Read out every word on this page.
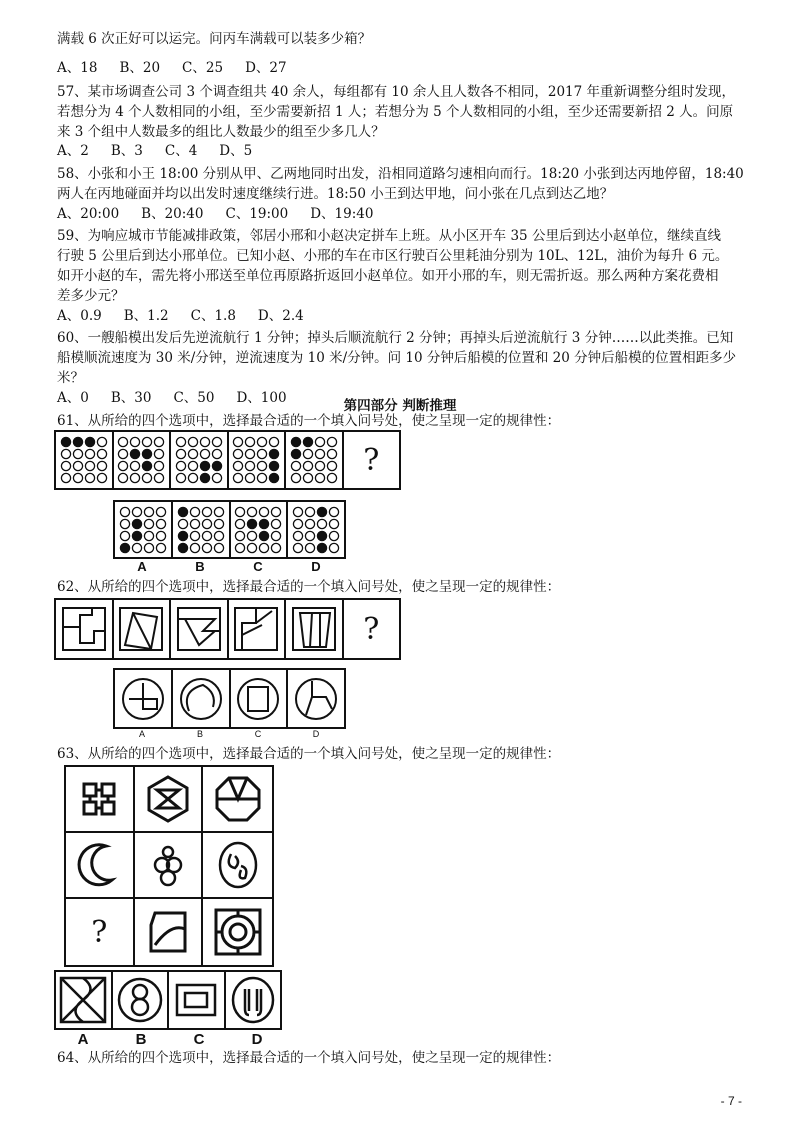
满载 6 次正好可以运完。问丙车满载可以装多少箱？
A、18 B、20 C、25 D、27
57、某市场调查公司 3 个调查组共 40 余人，每组都有 10 余人且人数各不相同，2017 年重新调整分组时发现，
若想分为 4 个人数相同的小组，至少需要新招 1 人；若想分为 5 个人数相同的小组，至少还需要新招 2 人。问原
来 3 个组中人数最多的组比人数最少的组至少多几人？
A、2 B、3 C、4 D、5
58、小张和小王 18:00 分别从甲、乙两地同时出发，沿相同道路匀速相向而行。18:20 小张到达丙地停留，18:40
两人在丙地碰面并均以出发时速度继续行进。18:50 小王到达甲地，问小张在几点到达乙地？
A、20:00 B、20:40 C、19:00 D、19:40
59、为响应城市节能减排政策，邻居小邢和小赵决定拼车上班。从小区开车 35 公里后到达小赵单位，继续直线
行驶 5 公里后到达小邢单位。已知小赵、小邢的车在市区行驶百公里耗油分别为 10L、12L，油价为每升 6 元。
如开小赵的车，需先将小邢送至单位再原路折返回小赵单位。如开小邢的车，则无需折返。那么两种方案花费相
差多少元？
A、0.9 B、1.2 C、1.8 D、2.4
60、一艘船模出发后先逆流航行 1 分钟；掉头后顺流航行 2 分钟；再掉头后逆流航行 3 分钟……以此类推。已知
船模顺流速度为 30 米/分钟，逆流速度为 10 米/分钟。问 10 分钟后船模的位置和 20 分钟后船模的位置相距多少
米？
A、0 B、30 C、50 D、100	第四部分 判断推理
61、从所给的四个选项中，选择最合适的一个填入问号处，使之呈现一定的规律性：
?
A	B	C	D
62、从所给的四个选项中，选择最合适的一个填入问号处，使之呈现一定的规律性：
?
A	B	C	D
63、从所给的四个选项中，选择最合适的一个填入问号处，使之呈现一定的规律性：
?
A	B	C	D
64、从所给的四个选项中，选择最合适的一个填入问号处，使之呈现一定的规律性：
- 7 -
